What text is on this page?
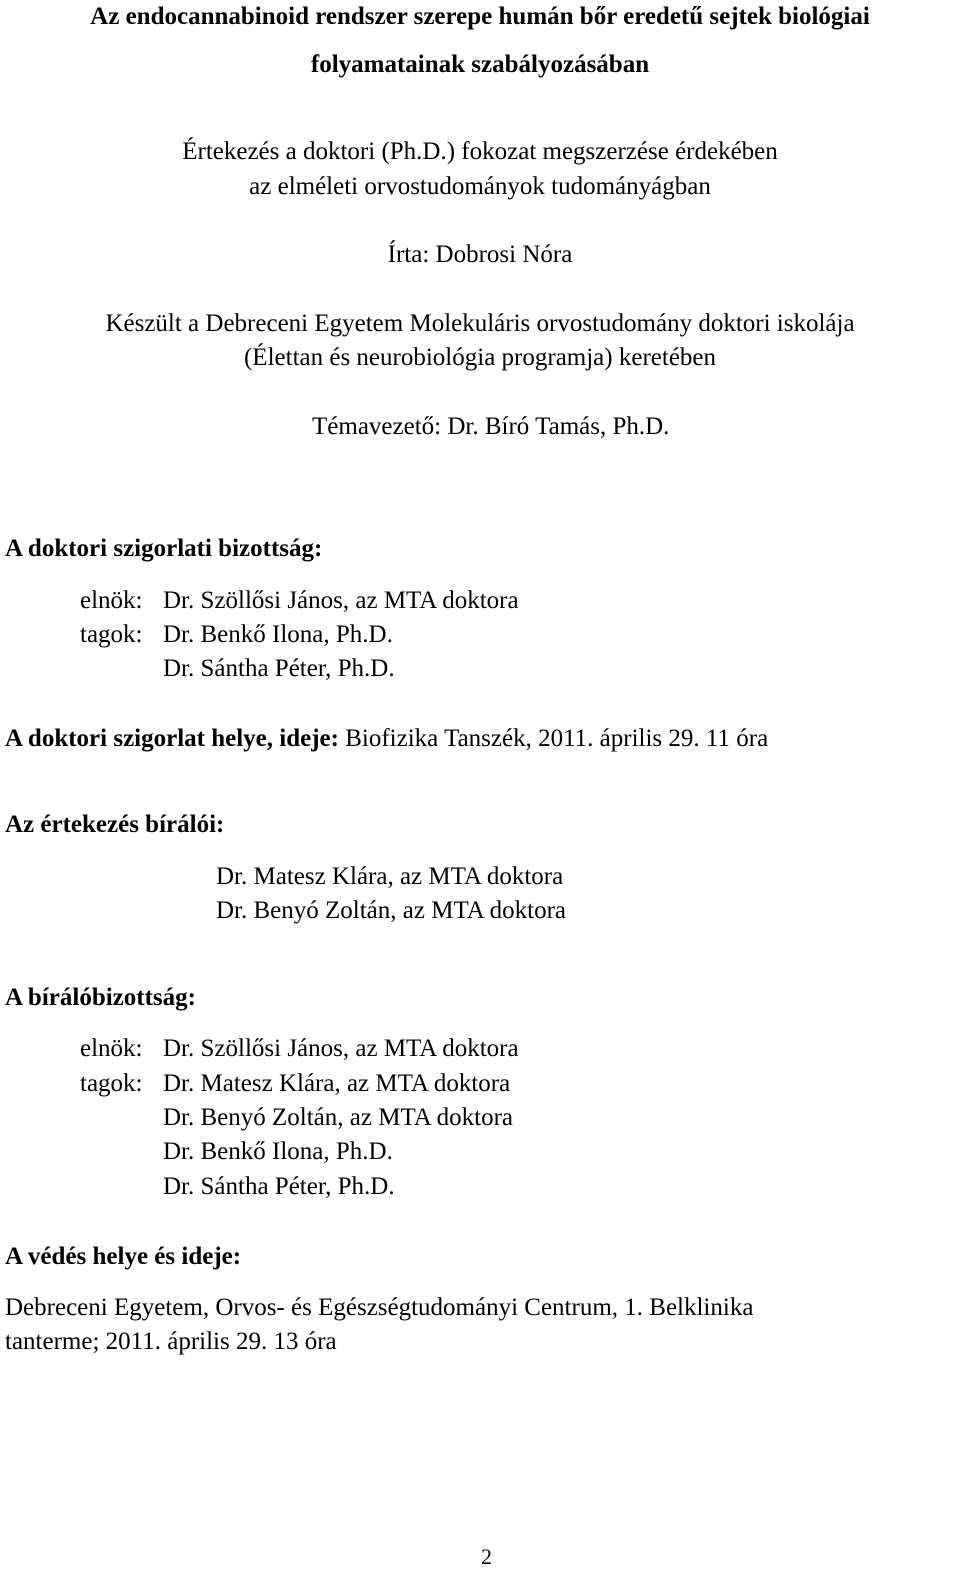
Az endocannabinoid rendszer szerepe humán bőr eredetű sejtek biológiai
folyamatainak szabályozásában
Értekezés a doktori (Ph.D.) fokozat megszerzése érdekében
az elméleti orvostudományok tudományágban
Írta: Dobrosi Nóra
Készült a Debreceni Egyetem Molekuláris orvostudomány doktori iskolája
(Élettan és neurobiológia programja) keretében
Témavezető: Dr. Bíró Tamás, Ph.D.
A doktori szigorlati bizottság:
elnök: Dr. Szöllősi János, az MTA doktora
tagok: Dr. Benkő Ilona, Ph.D.
Dr. Sántha Péter, Ph.D.
A doktori szigorlat helye, ideje: Biofizika Tanszék, 2011. április 29. 11 óra
Az értekezés bírálói:
Dr. Matesz Klára, az MTA doktora
Dr. Benyó Zoltán, az MTA doktora
A bírálóbizottság:
elnök: Dr. Szöllősi János, az MTA doktora
tagok: Dr. Matesz Klára, az MTA doktora
Dr. Benyó Zoltán, az MTA doktora
Dr. Benkő Ilona, Ph.D.
Dr. Sántha Péter, Ph.D.
A védés helye és ideje:
Debreceni Egyetem, Orvos- és Egészségtudományi Centrum, 1. Belklinika
tanterme; 2011. április 29. 13 óra
2
